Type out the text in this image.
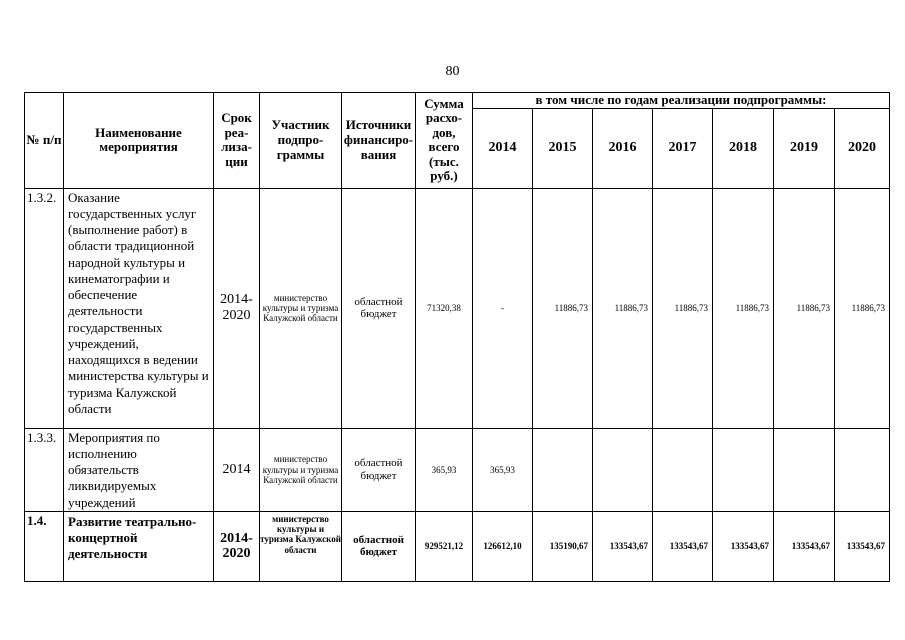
80
№ п/п	Наименование мероприятия	Срок реа- лиза- ции	Участник подпро- граммы	Источники финансиро- вания	Сумма расхо- дов, всего (тыс. руб.)	в том числе по годам реализации подпрограммы:						
						2014	2015	2016	2017	2018	2019	2020
1.3.2.	Оказание государственных услуг (выполнение работ) в области традиционной народной культуры и кинематографии и обеспечение деятельности государственных учреждений, находящихся в ведении министерства культуры и туризма Калужской области	2014- 2020	министерство культуры и туризма Калужской области	областной бюджет	71320,38	-	11886,73	11886,73	11886,73	11886,73	11886,73	11886,73
1.3.3.	Мероприятия по исполнению обязательств ликвидируемых учреждений	2014	министерство культуры и туризма Калужской области	областной бюджет	365,93	365,93						
1.4.	Развитие театрально-концертной деятельности	2014- 2020	министерство культуры и туризма Калужской области	областной бюджет	929521,12	126612,10	135190,67	133543,67	133543,67	133543,67	133543,67	133543,67
